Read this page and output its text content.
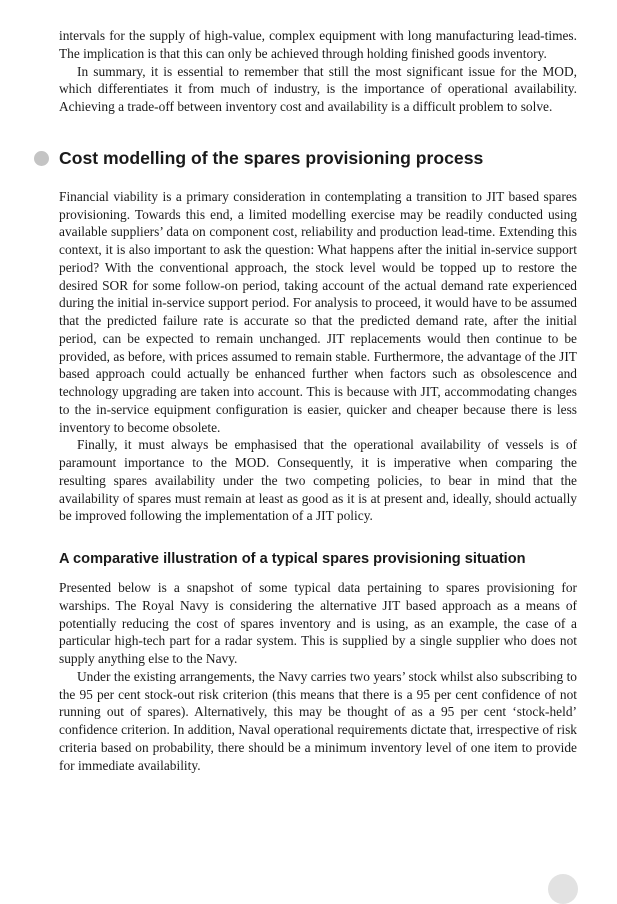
intervals for the supply of high-value, complex equipment with long manufacturing lead-times. The implication is that this can only be achieved through holding finished goods inventory.

In summary, it is essential to remember that still the most significant issue for the MOD, which differentiates it from much of industry, is the importance of operational availability. Achieving a trade-off between inventory cost and availability is a difficult problem to solve.

Cost modelling of the spares provisioning process

Financial viability is a primary consideration in contemplating a transition to JIT based spares provisioning. Towards this end, a limited modelling exercise may be readily conducted using available suppliers’ data on component cost, reliability and production lead-time. Extending this context, it is also important to ask the question: What happens after the initial in-service support period? With the conventional approach, the stock level would be topped up to restore the desired SOR for some follow-on period, taking account of the actual demand rate experienced during the initial in-service support period. For analysis to proceed, it would have to be assumed that the predicted failure rate is accurate so that the predicted demand rate, after the initial period, can be expected to remain unchanged. JIT replacements would then continue to be provided, as before, with prices assumed to remain stable. Furthermore, the advantage of the JIT based approach could actually be enhanced further when factors such as obsolescence and technology upgrading are taken into account. This is because with JIT, accommodating changes to the in-service equipment configuration is easier, quicker and cheaper because there is less inventory to become obsolete.

Finally, it must always be emphasised that the operational availability of vessels is of paramount importance to the MOD. Consequently, it is imperative when comparing the resulting spares availability under the two competing policies, to bear in mind that the availability of spares must remain at least as good as it is at present and, ideally, should actually be improved following the implementation of a JIT policy.

A comparative illustration of a typical spares provisioning situation

Presented below is a snapshot of some typical data pertaining to spares provisioning for warships. The Royal Navy is considering the alternative JIT based approach as a means of potentially reducing the cost of spares inventory and is using, as an example, the case of a particular high-tech part for a radar system. This is supplied by a single supplier who does not supply anything else to the Navy.

Under the existing arrangements, the Navy carries two years’ stock whilst also subscribing to the 95 per cent stock-out risk criterion (this means that there is a 95 per cent confidence of not running out of spares). Alternatively, this may be thought of as a 95 per cent ‘stock-held’ confidence criterion. In addition, Naval operational requirements dictate that, irrespective of risk criteria based on probability, there should be a minimum inventory level of one item to provide for immediate availability.
